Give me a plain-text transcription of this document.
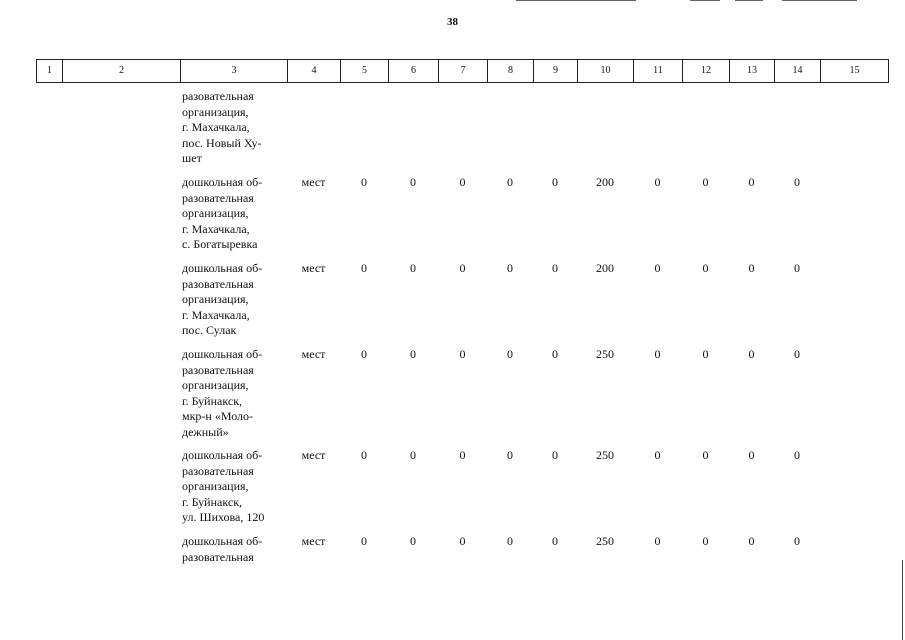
38
1	2	3	4	5	6	7	8	9	10	11	12	13	14	15
разовательная
организация,
г. Махачкала,
пос. Новый Ху-
шет
дошкольная об-
разовательная
организация,
г. Махачкала,
с. Богатыревка
мест	0	0	0	0	0	200	0	0	0	0
дошкольная об-
разовательная
организация,
г. Махачкала,
пос. Сулак
мест	0	0	0	0	0	200	0	0	0	0
дошкольная об-
разовательная
организация,
г. Буйнакск,
мкр-н «Моло-
дежный»
мест	0	0	0	0	0	250	0	0	0	0
дошкольная об-
разовательная
организация,
г. Буйнакск,
ул. Шихова, 120
мест	0	0	0	0	0	250	0	0	0	0
дошкольная об-
разовательная
мест	0	0	0	0	0	250	0	0	0	0
